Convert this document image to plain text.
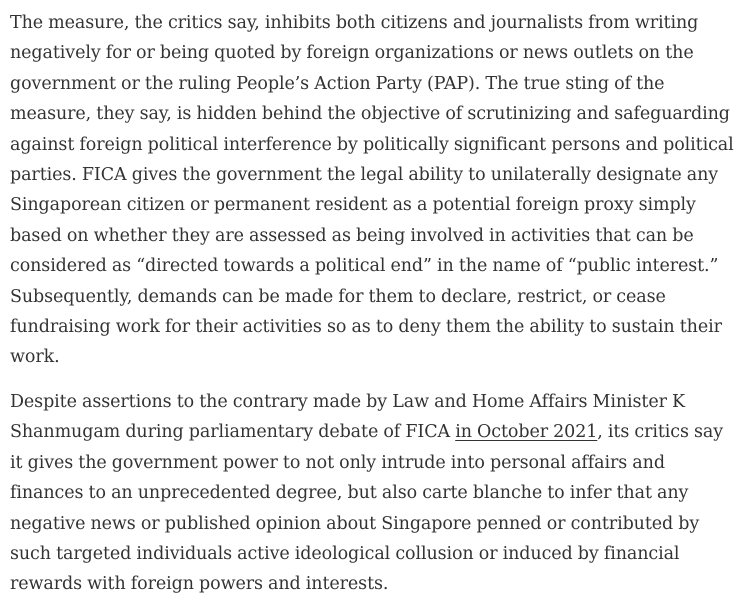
The measure, the critics say, inhibits both citizens and journalists from writing negatively for or being quoted by foreign organizations or news outlets on the government or the ruling People’s Action Party (PAP). The true sting of the measure, they say, is hidden behind the objective of scrutinizing and safeguarding against foreign political interference by politically significant persons and political parties. FICA gives the government the legal ability to unilaterally designate any Singaporean citizen or permanent resident as a potential foreign proxy simply based on whether they are assessed as being involved in activities that can be considered as “directed towards a political end” in the name of “public interest.” Subsequently, demands can be made for them to declare, restrict, or cease fundraising work for their activities so as to deny them the ability to sustain their work.

Despite assertions to the contrary made by Law and Home Affairs Minister K Shanmugam during parliamentary debate of FICA in October 2021, its critics say it gives the government power to not only intrude into personal affairs and finances to an unprecedented degree, but also carte blanche to infer that any negative news or published opinion about Singapore penned or contributed by such targeted individuals active ideological collusion or induced by financial rewards with foreign powers and interests.
